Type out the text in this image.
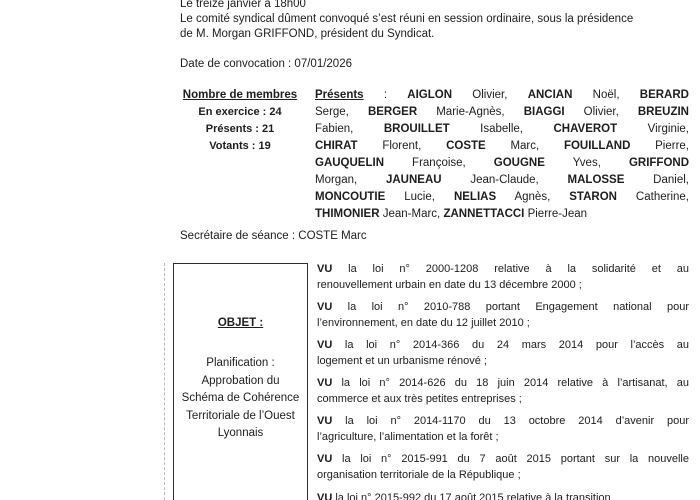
Le treize janvier à 18h00
Le comité syndical dûment convoqué s’est réuni en session ordinaire, sous la présidence
de M. Morgan GRIFFOND, président du Syndicat.
Date de convocation : 07/01/2026
Nombre de membres
En exercice : 24
Présents : 21
Votants : 19
Présents : AIGLON Olivier, ANCIAN Noël, BERARD
Serge, BERGER Marie-Agnès, BIAGGI Olivier, BREUZIN
Fabien, BROUILLET Isabelle, CHAVEROT Virginie,
CHIRAT Florent, COSTE Marc, FOUILLAND Pierre,
GAUQUELIN Françoise, GOUGNE Yves, GRIFFOND
Morgan, JAUNEAU Jean-Claude, MALOSSE Daniel,
MONCOUTIE Lucie, NELIAS Agnès, STARON Catherine,
THIMONIER Jean-Marc, ZANNETTACCI Pierre-Jean
Secrétaire de séance : COSTE Marc
OBJET :
Planification :
Approbation du
Schéma de Cohérence
Territoriale de l’Ouest
Lyonnais
VU la loi n° 2000-1208 relative à la solidarité et au
renouvellement urbain en date du 13 décembre 2000 ;
VU la loi n° 2010-788 portant Engagement national pour
l’environnement, en date du 12 juillet 2010 ;
VU la loi n° 2014-366 du 24 mars 2014 pour l’accès au
logement et un urbanisme rénové ;
VU la loi n° 2014-626 du 18 juin 2014 relative à l’artisanat, au
commerce et aux très petites entreprises ;
VU la loi n° 2014-1170 du 13 octobre 2014 d’avenir pour
l’agriculture, l’alimentation et la forêt ;
VU la loi n° 2015-991 du 7 août 2015 portant sur la nouvelle
organisation territoriale de la République ;
VU la loi n° 2015-992 du 17 août 2015 relative à la transition
